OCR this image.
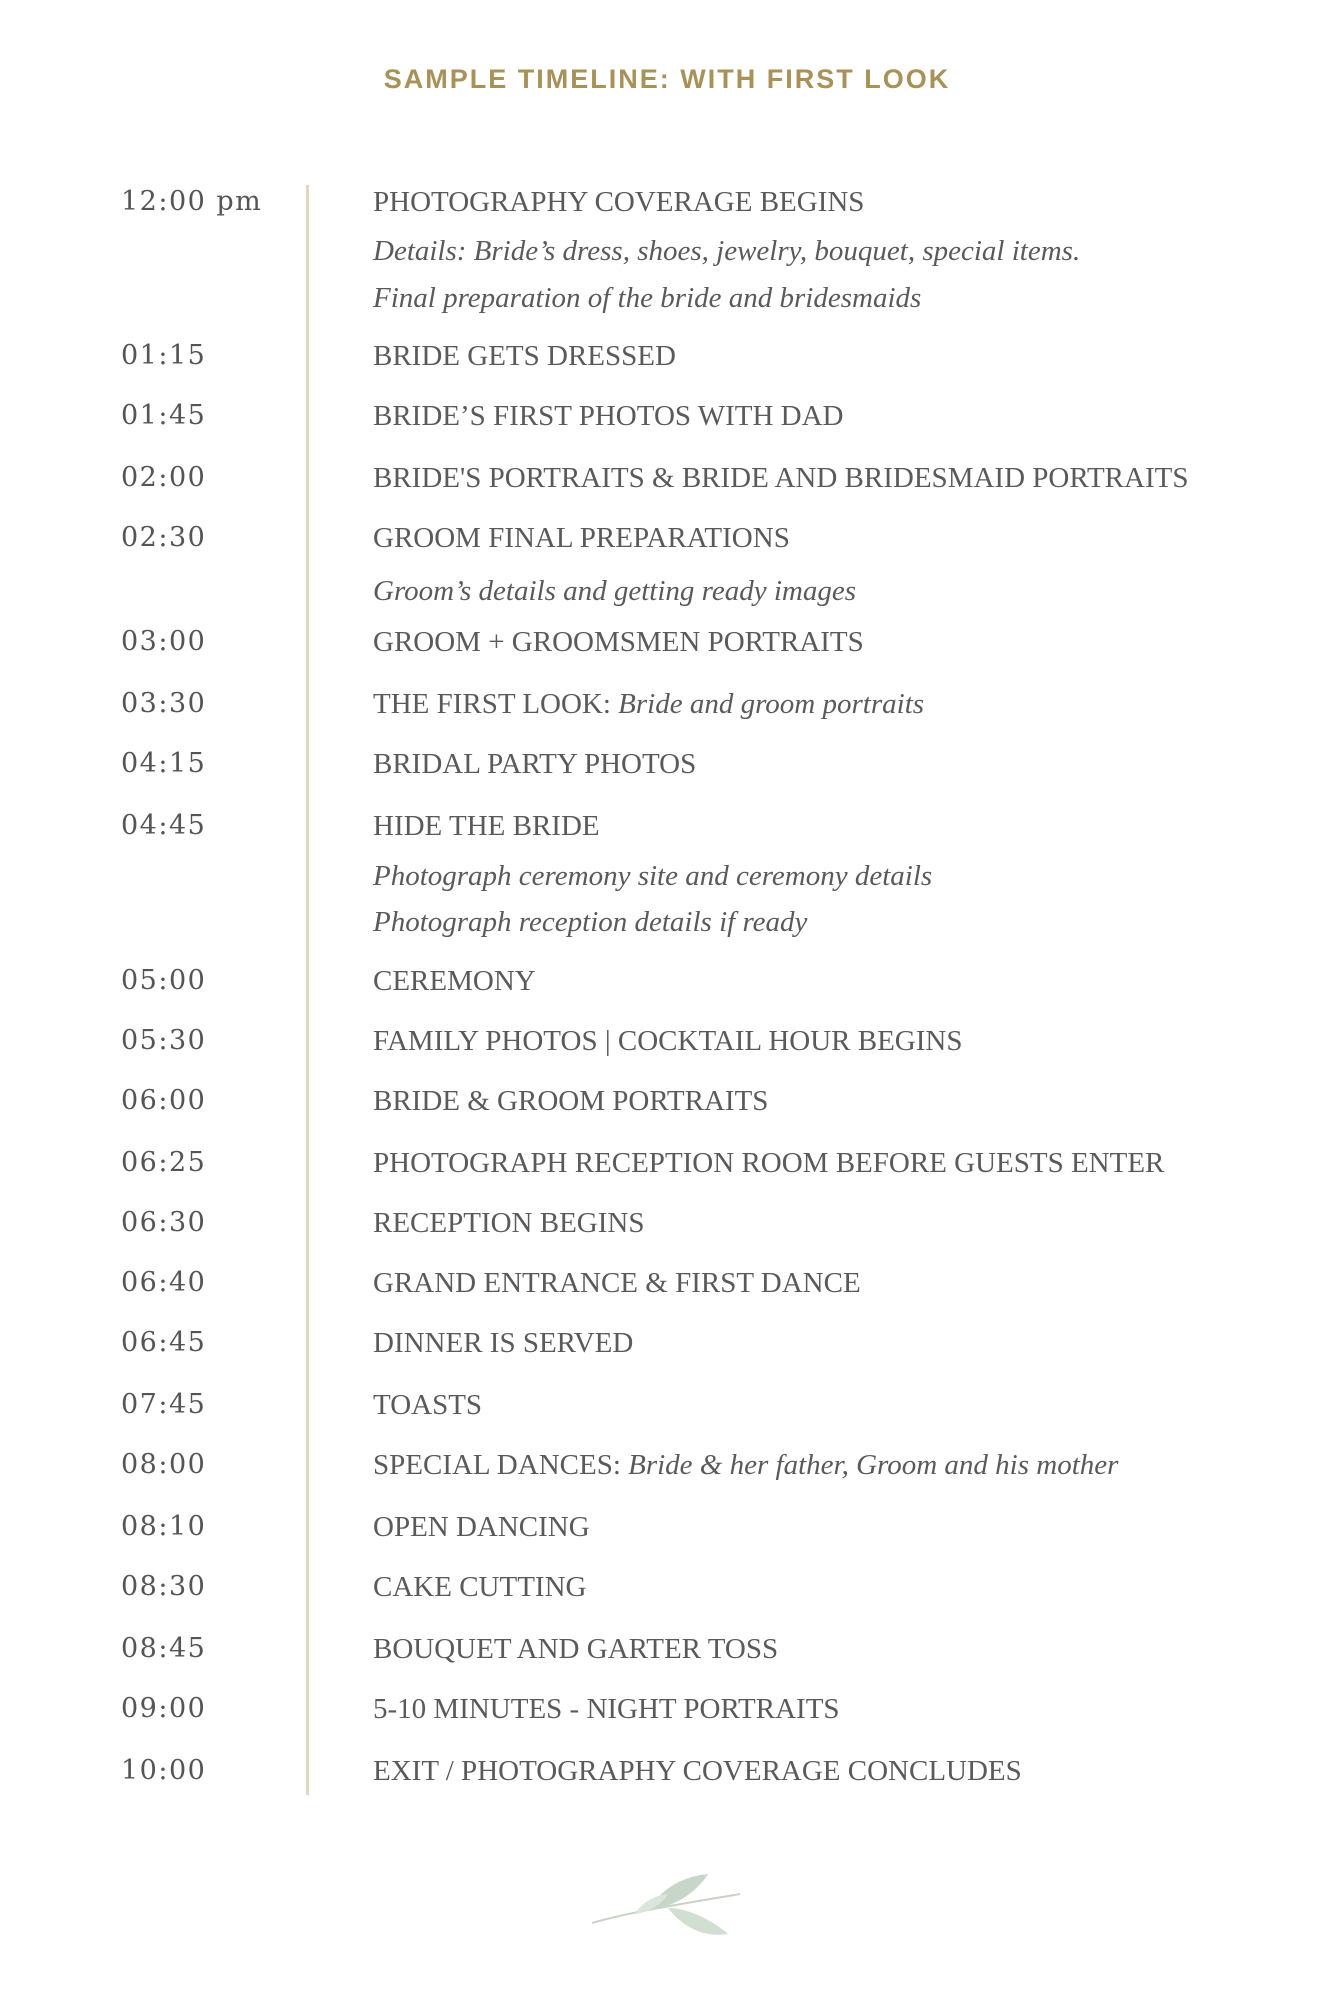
SAMPLE TIMELINE: WITH FIRST LOOK
12:00 pm	PHOTOGRAPHY COVERAGE BEGINS
Details: Bride’s dress, shoes, jewelry, bouquet, special items.
Final preparation of the bride and bridesmaids
01:15	BRIDE GETS DRESSED
01:45	BRIDE’S FIRST PHOTOS WITH DAD
02:00	BRIDE'S PORTRAITS & BRIDE AND BRIDESMAID PORTRAITS
02:30	GROOM FINAL PREPARATIONS
Groom’s details and getting ready images
03:00	GROOM + GROOMSMEN PORTRAITS
03:30	THE FIRST LOOK: Bride and groom portraits
04:15	BRIDAL PARTY PHOTOS
04:45	HIDE THE BRIDE
Photograph ceremony site and ceremony details
Photograph reception details if ready
05:00	CEREMONY
05:30	FAMILY PHOTOS | COCKTAIL HOUR BEGINS
06:00	BRIDE & GROOM PORTRAITS
06:25	PHOTOGRAPH RECEPTION ROOM BEFORE GUESTS ENTER
06:30	RECEPTION BEGINS
06:40	GRAND ENTRANCE & FIRST DANCE
06:45	DINNER IS SERVED
07:45	TOASTS
08:00	SPECIAL DANCES: Bride & her father, Groom and his mother
08:10	OPEN DANCING
08:30	CAKE CUTTING
08:45	BOUQUET AND GARTER TOSS
09:00	5-10 MINUTES - NIGHT PORTRAITS
10:00	EXIT / PHOTOGRAPHY COVERAGE CONCLUDES
